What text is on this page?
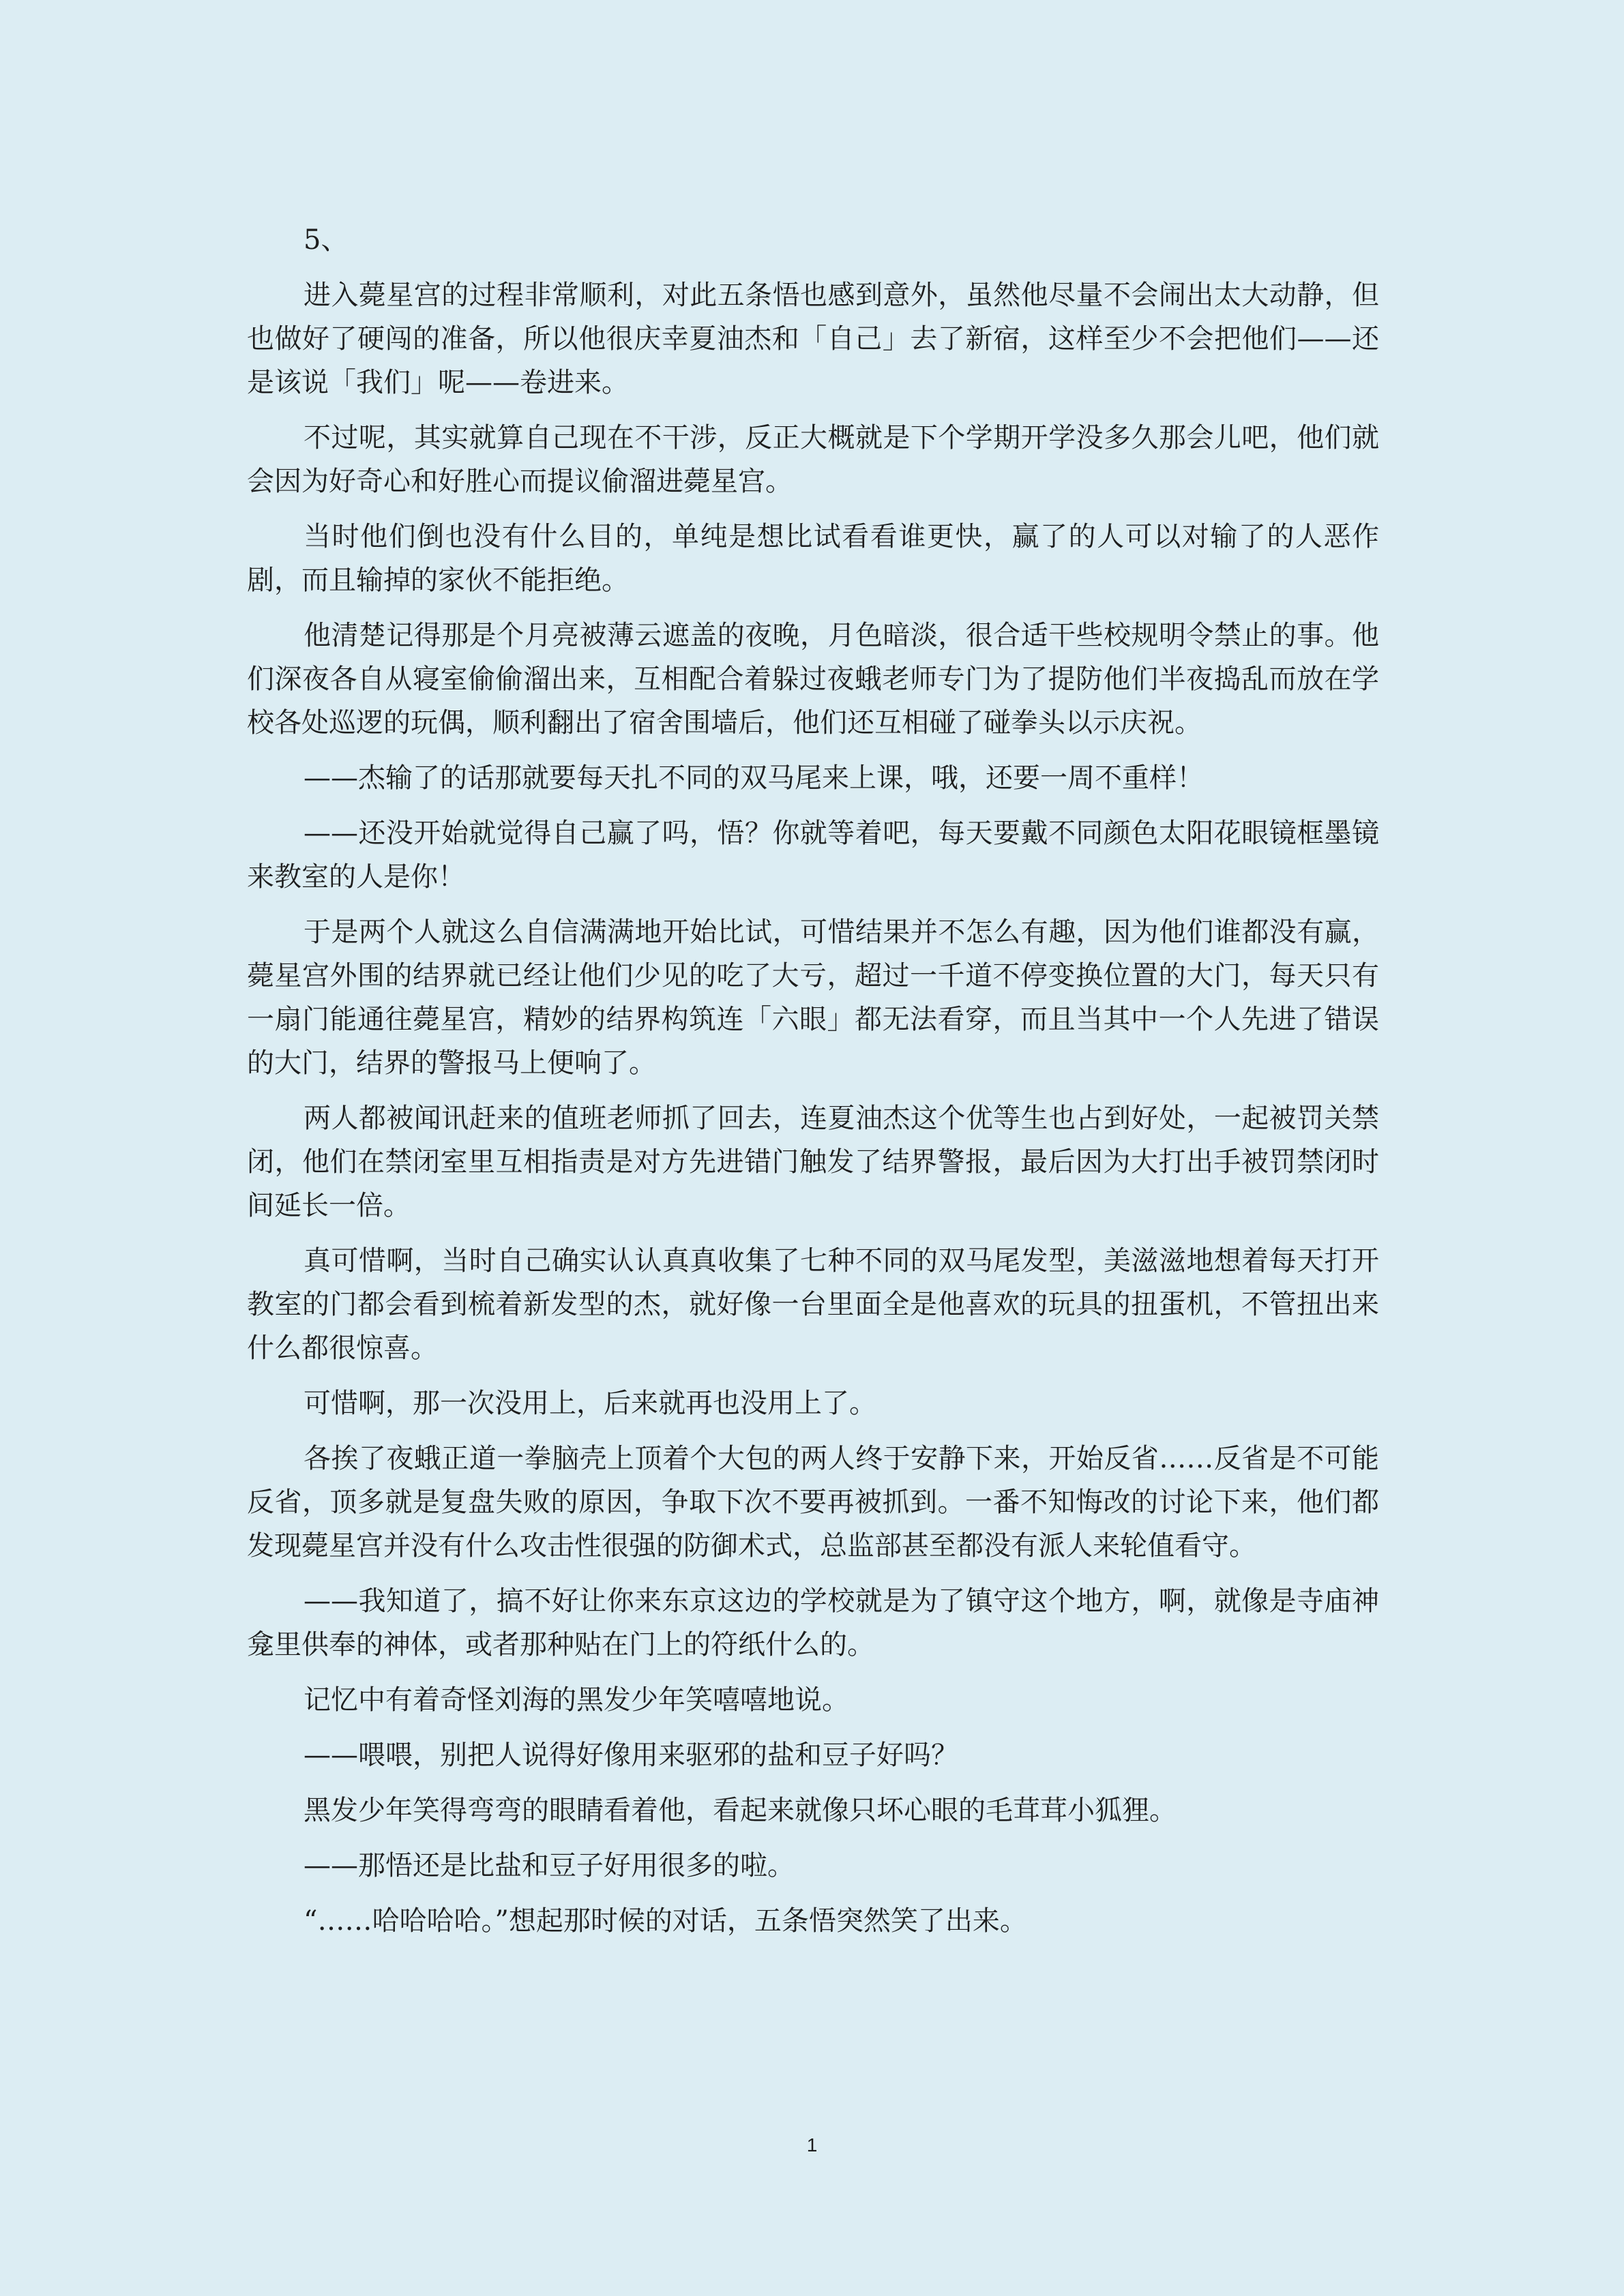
5、

进入薨星宫的过程非常顺利，对此五条悟也感到意外，虽然他尽量不会闹出太大动静，但也做好了硬闯的准备，所以他很庆幸夏油杰和「自己」去了新宿，这样至少不会把他们——还是该说「我们」呢——卷进来。

不过呢，其实就算自己现在不干涉，反正大概就是下个学期开学没多久那会儿吧，他们就会因为好奇心和好胜心而提议偷溜进薨星宫。

当时他们倒也没有什么目的，单纯是想比试看看谁更快，赢了的人可以对输了的人恶作剧，而且输掉的家伙不能拒绝。

他清楚记得那是个月亮被薄云遮盖的夜晚，月色暗淡，很合适干些校规明令禁止的事。他们深夜各自从寝室偷偷溜出来，互相配合着躲过夜蛾老师专门为了提防他们半夜捣乱而放在学校各处巡逻的玩偶，顺利翻出了宿舍围墙后，他们还互相碰了碰拳头以示庆祝。

——杰输了的话那就要每天扎不同的双马尾来上课，哦，还要一周不重样！

——还没开始就觉得自己赢了吗，悟？你就等着吧，每天要戴不同颜色太阳花眼镜框墨镜来教室的人是你！

于是两个人就这么自信满满地开始比试，可惜结果并不怎么有趣，因为他们谁都没有赢，薨星宫外围的结界就已经让他们少见的吃了大亏，超过一千道不停变换位置的大门，每天只有一扇门能通往薨星宫，精妙的结界构筑连「六眼」都无法看穿，而且当其中一个人先进了错误的大门，结界的警报马上便响了。

两人都被闻讯赶来的值班老师抓了回去，连夏油杰这个优等生也占到好处，一起被罚关禁闭，他们在禁闭室里互相指责是对方先进错门触发了结界警报，最后因为大打出手被罚禁闭时间延长一倍。

真可惜啊，当时自己确实认认真真收集了七种不同的双马尾发型，美滋滋地想着每天打开教室的门都会看到梳着新发型的杰，就好像一台里面全是他喜欢的玩具的扭蛋机，不管扭出来什么都很惊喜。

可惜啊，那一次没用上，后来就再也没用上了。

各挨了夜蛾正道一拳脑壳上顶着个大包的两人终于安静下来，开始反省……反省是不可能反省，顶多就是复盘失败的原因，争取下次不要再被抓到。一番不知悔改的讨论下来，他们都发现薨星宫并没有什么攻击性很强的防御术式，总监部甚至都没有派人来轮值看守。

——我知道了，搞不好让你来东京这边的学校就是为了镇守这个地方，啊，就像是寺庙神龛里供奉的神体，或者那种贴在门上的符纸什么的。

记忆中有着奇怪刘海的黑发少年笑嘻嘻地说。

——喂喂，别把人说得好像用来驱邪的盐和豆子好吗？

黑发少年笑得弯弯的眼睛看着他，看起来就像只坏心眼的毛茸茸小狐狸。

——那悟还是比盐和豆子好用很多的啦。

“……哈哈哈哈。”想起那时候的对话，五条悟突然笑了出来。

1
